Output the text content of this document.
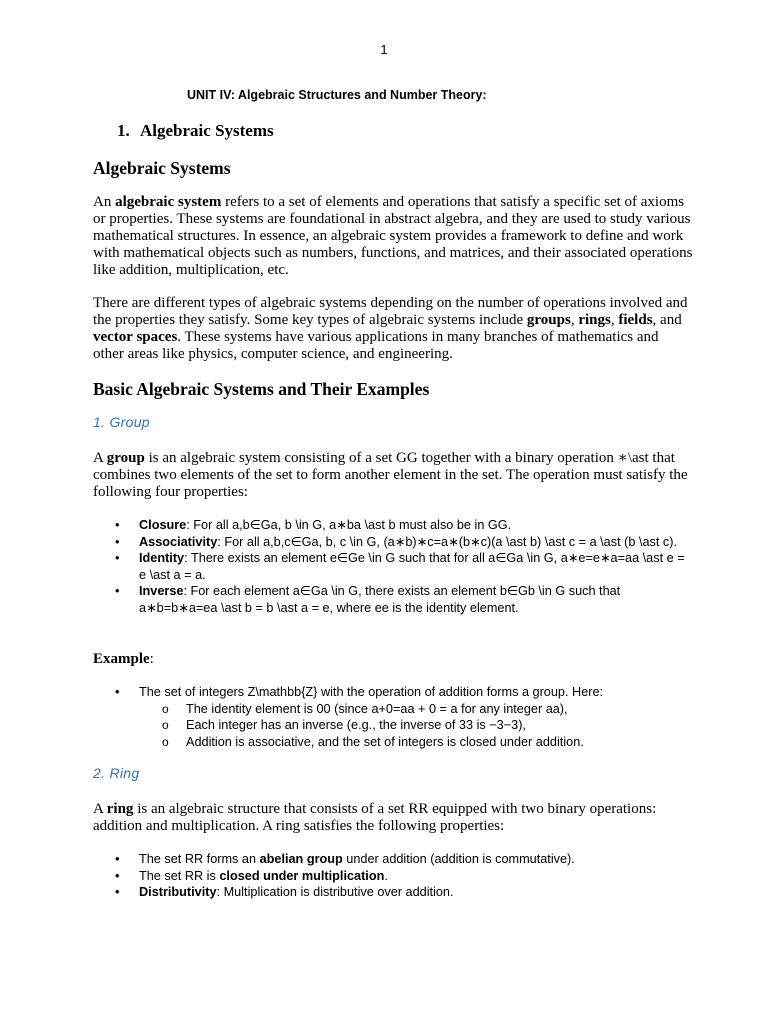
1
UNIT IV: Algebraic Structures and Number Theory:
1. Algebraic Systems
Algebraic Systems
An algebraic system refers to a set of elements and operations that satisfy a specific set of axioms or properties. These systems are foundational in abstract algebra, and they are used to study various mathematical structures. In essence, an algebraic system provides a framework to define and work with mathematical objects such as numbers, functions, and matrices, and their associated operations like addition, multiplication, etc.
There are different types of algebraic systems depending on the number of operations involved and the properties they satisfy. Some key types of algebraic systems include groups, rings, fields, and vector spaces. These systems have various applications in many branches of mathematics and other areas like physics, computer science, and engineering.
Basic Algebraic Systems and Their Examples
1. Group
A group is an algebraic system consisting of a set GG together with a binary operation ∗\ast that combines two elements of the set to form another element in the set. The operation must satisfy the following four properties:
• Closure: For all a,b∈Ga, b \in G, a∗ba \ast b must also be in GG.
• Associativity: For all a,b,c∈Ga, b, c \in G, (a∗b)∗c=a∗(b∗c)(a \ast b) \ast c = a \ast (b \ast c).
• Identity: There exists an element e∈Ge \in G such that for all a∈Ga \in G, a∗e=e∗a=aa \ast e = e \ast a = a.
• Inverse: For each element a∈Ga \in G, there exists an element b∈Gb \in G such that a∗b=b∗a=ea \ast b = b \ast a = e, where ee is the identity element.
Example:
• The set of integers Z\mathbb{Z} with the operation of addition forms a group. Here:
o The identity element is 00 (since a+0=aa + 0 = a for any integer aa),
o Each integer has an inverse (e.g., the inverse of 33 is −3−3),
o Addition is associative, and the set of integers is closed under addition.
2. Ring
A ring is an algebraic structure that consists of a set RR equipped with two binary operations: addition and multiplication. A ring satisfies the following properties:
• The set RR forms an abelian group under addition (addition is commutative).
• The set RR is closed under multiplication.
• Distributivity: Multiplication is distributive over addition.
